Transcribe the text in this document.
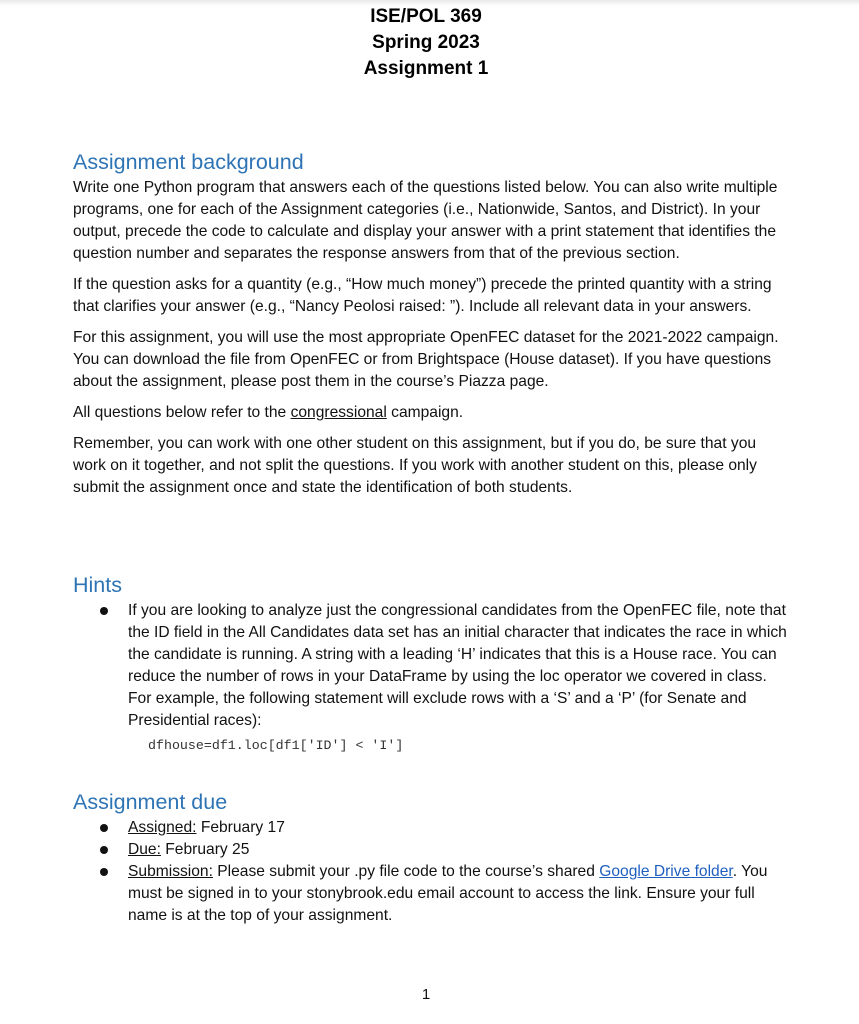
ISE/POL 369
Spring 2023
Assignment 1
Assignment background

Write one Python program that answers each of the questions listed below. You can also write multiple programs, one for each of the Assignment categories (i.e., Nationwide, Santos, and District). In your output, precede the code to calculate and display your answer with a print statement that identifies the question number and separates the response answers from that of the previous section.

If the question asks for a quantity (e.g., “How much money”) precede the printed quantity with a string that clarifies your answer (e.g., “Nancy Peolosi raised: ”). Include all relevant data in your answers.

For this assignment, you will use the most appropriate OpenFEC dataset for the 2021-2022 campaign. You can download the file from OpenFEC or from Brightspace (House dataset). If you have questions about the assignment, please post them in the course’s Piazza page.

All questions below refer to the congressional campaign.

Remember, you can work with one other student on this assignment, but if you do, be sure that you work on it together, and not split the questions. If you work with another student on this, please only submit the assignment once and state the identification of both students.

Hints
If you are looking to analyze just the congressional candidates from the OpenFEC file, note that the ID field in the All Candidates data set has an initial character that indicates the race in which the candidate is running. A string with a leading ‘H’ indicates that this is a House race. You can reduce the number of rows in your DataFrame by using the loc operator we covered in class. For example, the following statement will exclude rows with a ‘S’ and a ‘P’ (for Senate and Presidential races):
dfhouse=df1.loc[df1['ID'] < 'I']
Assignment due
Assigned: February 17
Due: February 25
Submission: Please submit your .py file code to the course’s shared Google Drive folder. You must be signed in to your stonybrook.edu email account to access the link. Ensure your full name is at the top of your assignment.
1
